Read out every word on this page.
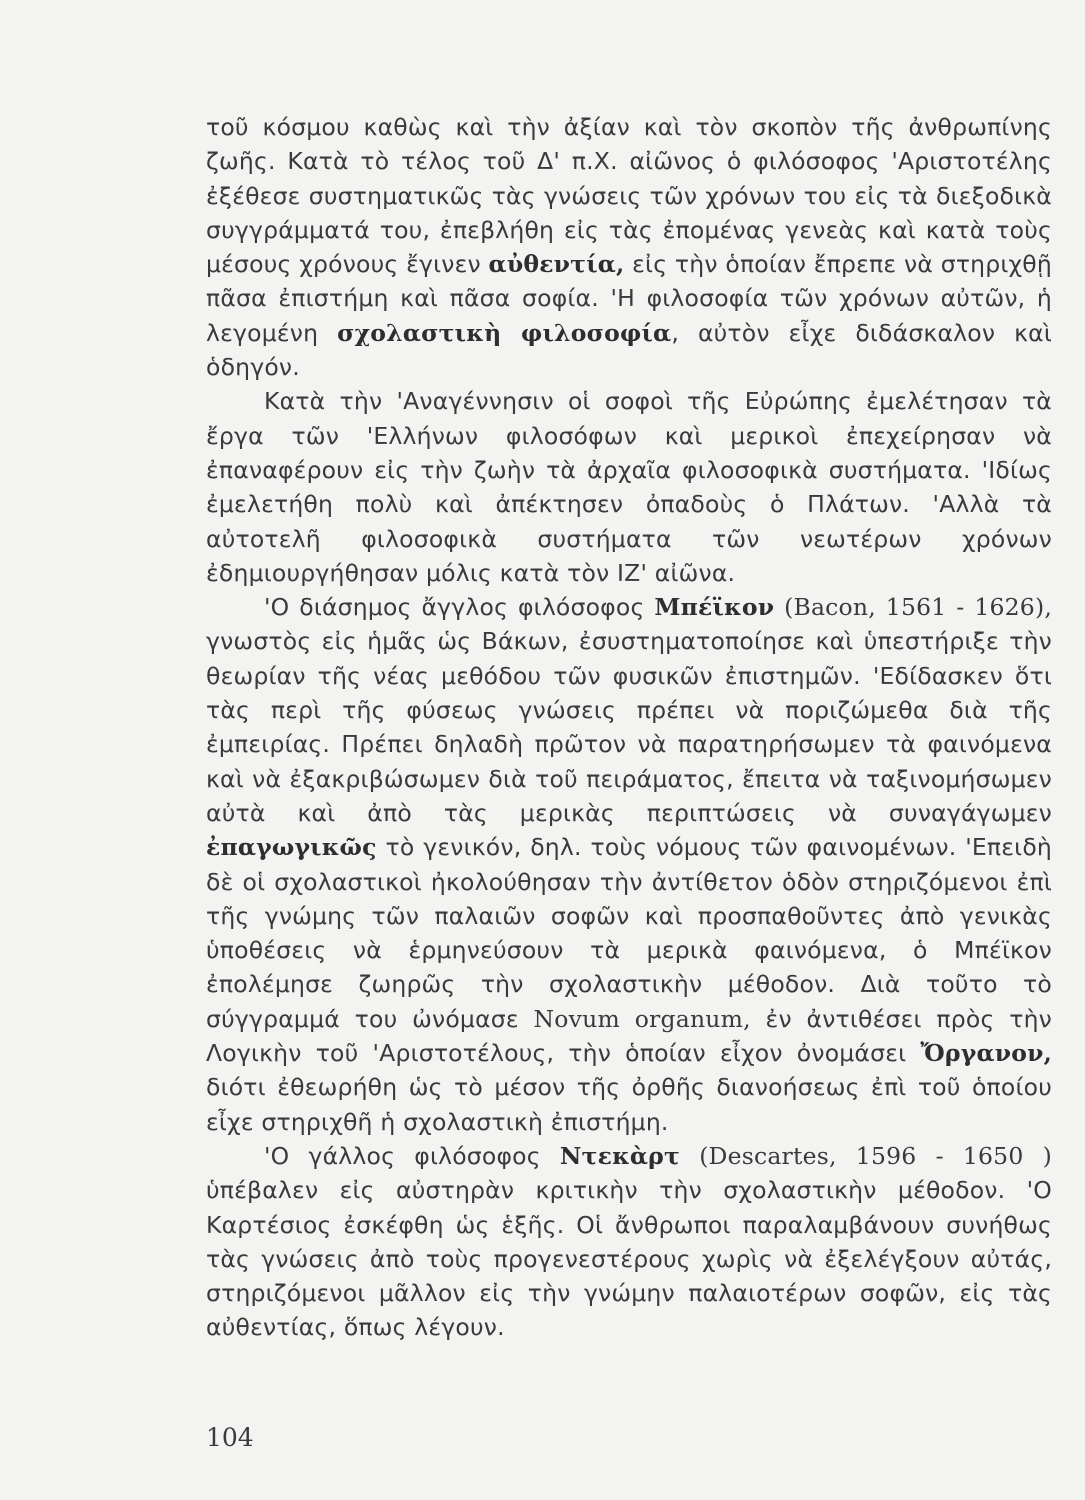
τοῦ κόσμου καθὼς καὶ τὴν ἀξίαν καὶ τὸν σκοπὸν τῆς ἀνθρωπίνης ζωῆς. Κατὰ τὸ τέλος τοῦ Δ' π.Χ. αἰῶνος ὁ φιλόσοφος 'Αριστοτέλης ἐξέθεσε συστηματικῶς τὰς γνώσεις τῶν χρόνων του εἰς τὰ διεξοδικὰ συγγράμματά του, ἐπεβλήθη εἰς τὰς ἐπομένας γενεὰς καὶ κατὰ τοὺς μέσους χρόνους ἔγινεν αὐθεντία, εἰς τὴν ὁποίαν ἔπρεπε νὰ στηριχθῇ πᾶσα ἐπιστήμη καὶ πᾶσα σοφία. 'Η φιλοσοφία τῶν χρόνων αὐτῶν, ἡ λεγομένη σχολαστικὴ φιλοσοφία, αὐτὸν εἶχε διδάσκαλον καὶ ὁδηγόν.

Κατὰ τὴν 'Αναγέννησιν οἱ σοφοὶ τῆς Εὐρώπης ἐμελέτησαν τὰ ἔργα τῶν 'Ελλήνων φιλοσόφων καὶ μερικοὶ ἐπεχείρησαν νὰ ἐπαναφέρουν εἰς τὴν ζωὴν τὰ ἀρχαῖα φιλοσοφικὰ συστήματα. 'Ιδίως ἐμελετήθη πολὺ καὶ ἀπέκτησεν ὀπαδοὺς ὁ Πλάτων. 'Αλλὰ τὰ αὐτοτελῆ φιλοσοφικὰ συστήματα τῶν νεωτέρων χρόνων ἐδημιουργήθησαν μόλις κατὰ τὸν ΙΖ' αἰῶνα.

'Ο διάσημος ἄγγλος φιλόσοφος Μπέϊκον (Bacon, 1561 - 1626), γνωστὸς εἰς ἡμᾶς ὡς Βάκων, ἐσυστηματοποίησε καὶ ὑπεστήριξε τὴν θεωρίαν τῆς νέας μεθόδου τῶν φυσικῶν ἐπιστημῶν. 'Εδίδασκεν ὅτι τὰς περὶ τῆς φύσεως γνώσεις πρέπει νὰ ποριζώμεθα διὰ τῆς ἐμπειρίας. Πρέπει δηλαδὴ πρῶτον νὰ παρατηρήσωμεν τὰ φαινόμενα καὶ νὰ ἐξακριβώσωμεν διὰ τοῦ πειράματος, ἔπειτα νὰ ταξινομήσωμεν αὐτὰ καὶ ἀπὸ τὰς μερικὰς περιπτώσεις νὰ συναγάγωμεν ἐπαγωγικῶς τὸ γενικόν, δηλ. τοὺς νόμους τῶν φαινομένων. 'Επειδὴ δὲ οἱ σχολαστικοὶ ἠκολούθησαν τὴν ἀντίθετον ὁδὸν στηριζόμενοι ἐπὶ τῆς γνώμης τῶν παλαιῶν σοφῶν καὶ προσπαθοῦντες ἀπὸ γενικὰς ὑποθέσεις νὰ ἑρμηνεύσουν τὰ μερικὰ φαινόμενα, ὁ Μπέϊκον ἐπολέμησε ζωηρῶς τὴν σχολαστικὴν μέθοδον. Διὰ τοῦτο τὸ σύγγραμμά του ὠνόμασε Novum organum, ἐν ἀντιθέσει πρὸς τὴν Λογικὴν τοῦ 'Αριστοτέλους, τὴν ὁποίαν εἶχον ὀνομάσει Ὄργανον, διότι ἐθεωρήθη ὡς τὸ μέσον τῆς ὀρθῆς διανοήσεως ἐπὶ τοῦ ὁποίου εἶχε στηριχθῆ ἡ σχολαστικὴ ἐπιστήμη.

'Ο γάλλος φιλόσοφος Ντεκὰρτ (Descartes, 1596 - 1650 ) ὑπέβαλεν εἰς αὐστηρὰν κριτικὴν τὴν σχολαστικὴν μέθοδον. 'Ο Καρτέσιος ἐσκέφθη ὡς ἑξῆς. Οἱ ἄνθρωποι παραλαμβάνουν συνήθως τὰς γνώσεις ἀπὸ τοὺς προγενεστέρους χωρὶς νὰ ἐξελέγξουν αὐτάς, στηριζόμενοι μᾶλλον εἰς τὴν γνώμην παλαιοτέρων σοφῶν, εἰς τὰς αὐθεντίας, ὅπως λέγουν.

104
